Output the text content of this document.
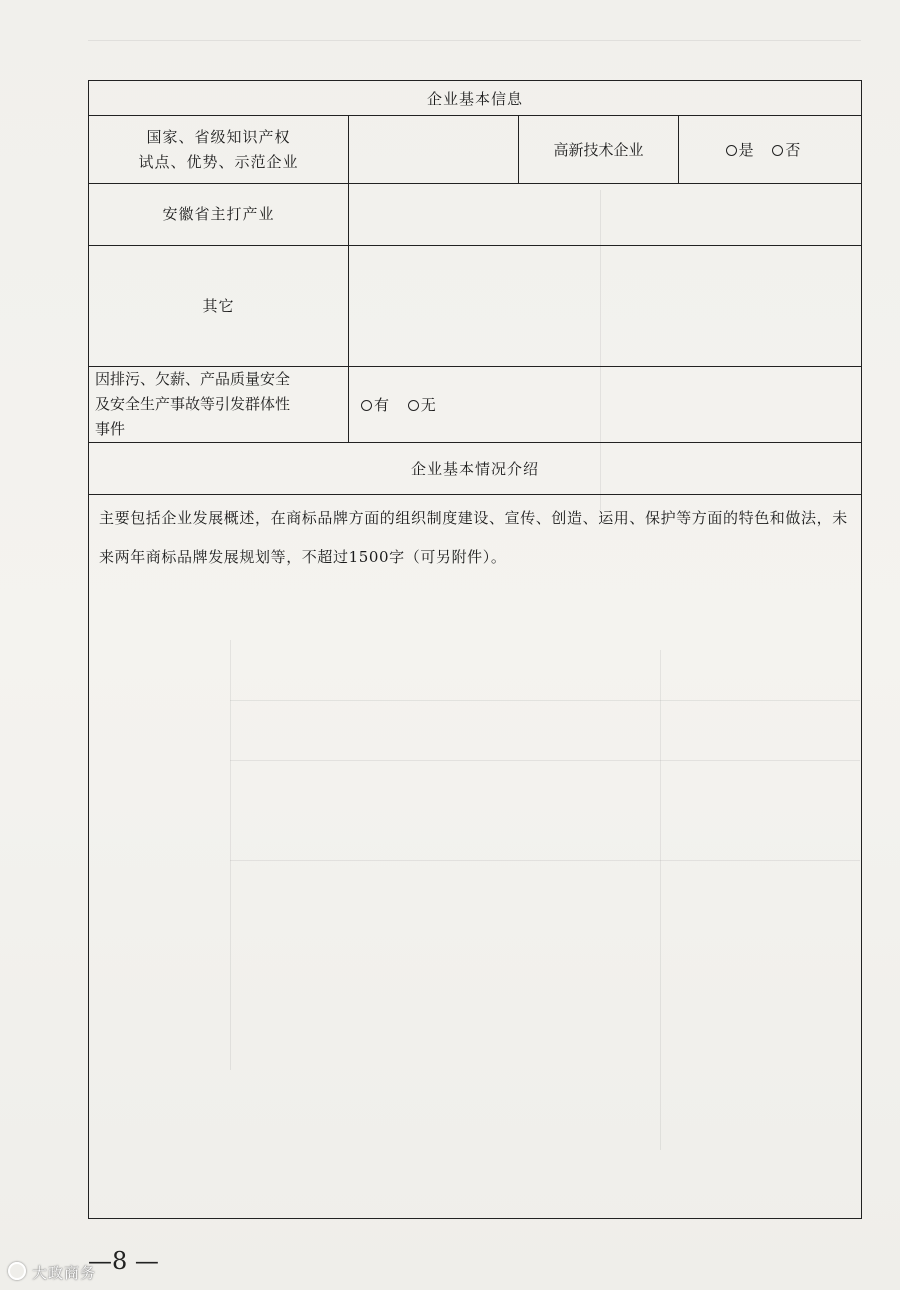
企业基本信息			

国家、省级知识产权
试点、优势、示范企业		高新技术企业	是 否
安徽省主打产业			
其它			

因排污、欠薪、产品质量安全
及安全生产事故等引发群体性
事件	有 无		
企业基本情况介绍			

主要包括企业发展概述，在商标品牌方面的组织制度建设、宣传、创造、运用、保护等方面的特色和做法，未来两年商标品牌发展规划等，不超过1500字（可另附件）。			
—8 —
大政商务
